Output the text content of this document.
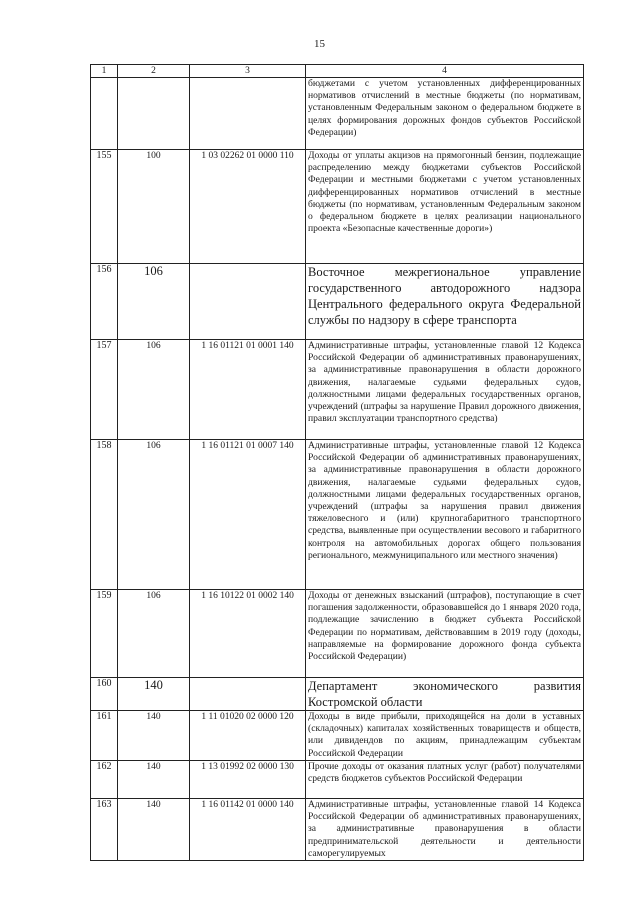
15
1	2	3	4

			бюджетами с учетом установленных дифференцированных нормативов отчислений в местные бюджеты (по нормативам, установленным Федеральным законом о федеральном бюджете в целях формирования дорожных фондов субъектов Российской Федерации)

155	100	1 03 02262 01 0000 110	Доходы от уплаты акцизов на прямогонный бензин, подлежащие распределению между бюджетами субъектов Российской Федерации и местными бюджетами с учетом установленных дифференцированных нормативов отчислений в местные бюджеты (по нормативам, установленным Федеральным законом о федеральном бюджете в целях реализации национального проекта «Безопасные качественные дороги»)

156	106		Восточное межрегиональное управление государственного автодорожного надзора Центрального федерального округа Федеральной службы по надзору в сфере транспорта

157	106	1 16 01121 01 0001 140	Административные штрафы, установленные главой 12 Кодекса Российской Федерации об административных правонарушениях, за административные правонарушения в области дорожного движения, налагаемые судьями федеральных судов, должностными лицами федеральных государственных органов, учреждений (штрафы за нарушение Правил дорожного движения, правил эксплуатации транспортного средства)

158	106	1 16 01121 01 0007 140	Административные штрафы, установленные главой 12 Кодекса Российской Федерации об административных правонарушениях, за административные правонарушения в области дорожного движения, налагаемые судьями федеральных судов, должностными лицами федеральных государственных органов, учреждений (штрафы за нарушения правил движения тяжеловесного и (или) крупногабаритного транспортного средства, выявленные при осуществлении весового и габаритного контроля на автомобильных дорогах общего пользования регионального, межмуниципального или местного значения)

159	106	1 16 10122 01 0002 140	Доходы от денежных взысканий (штрафов), поступающие в счет погашения задолженности, образовавшейся до 1 января 2020 года, подлежащие зачислению в бюджет субъекта Российской Федерации по нормативам, действовавшим в 2019 году (доходы, направляемые на формирование дорожного фонда субъекта Российской Федерации)

160	140		Департамент экономического развития Костромской области

161	140	1 11 01020 02 0000 120	Доходы в виде прибыли, приходящейся на доли в уставных (складочных) капиталах хозяйственных товариществ и обществ, или дивидендов по акциям, принадлежащим субъектам Российской Федерации

162	140	1 13 01992 02 0000 130	Прочие доходы от оказания платных услуг (работ) получателями средств бюджетов субъектов Российской Федерации

163	140	1 16 01142 01 0000 140	Административные штрафы, установленные главой 14 Кодекса Российской Федерации об административных правонарушениях, за административные правонарушения в области предпринимательской деятельности и деятельности саморегулируемых
